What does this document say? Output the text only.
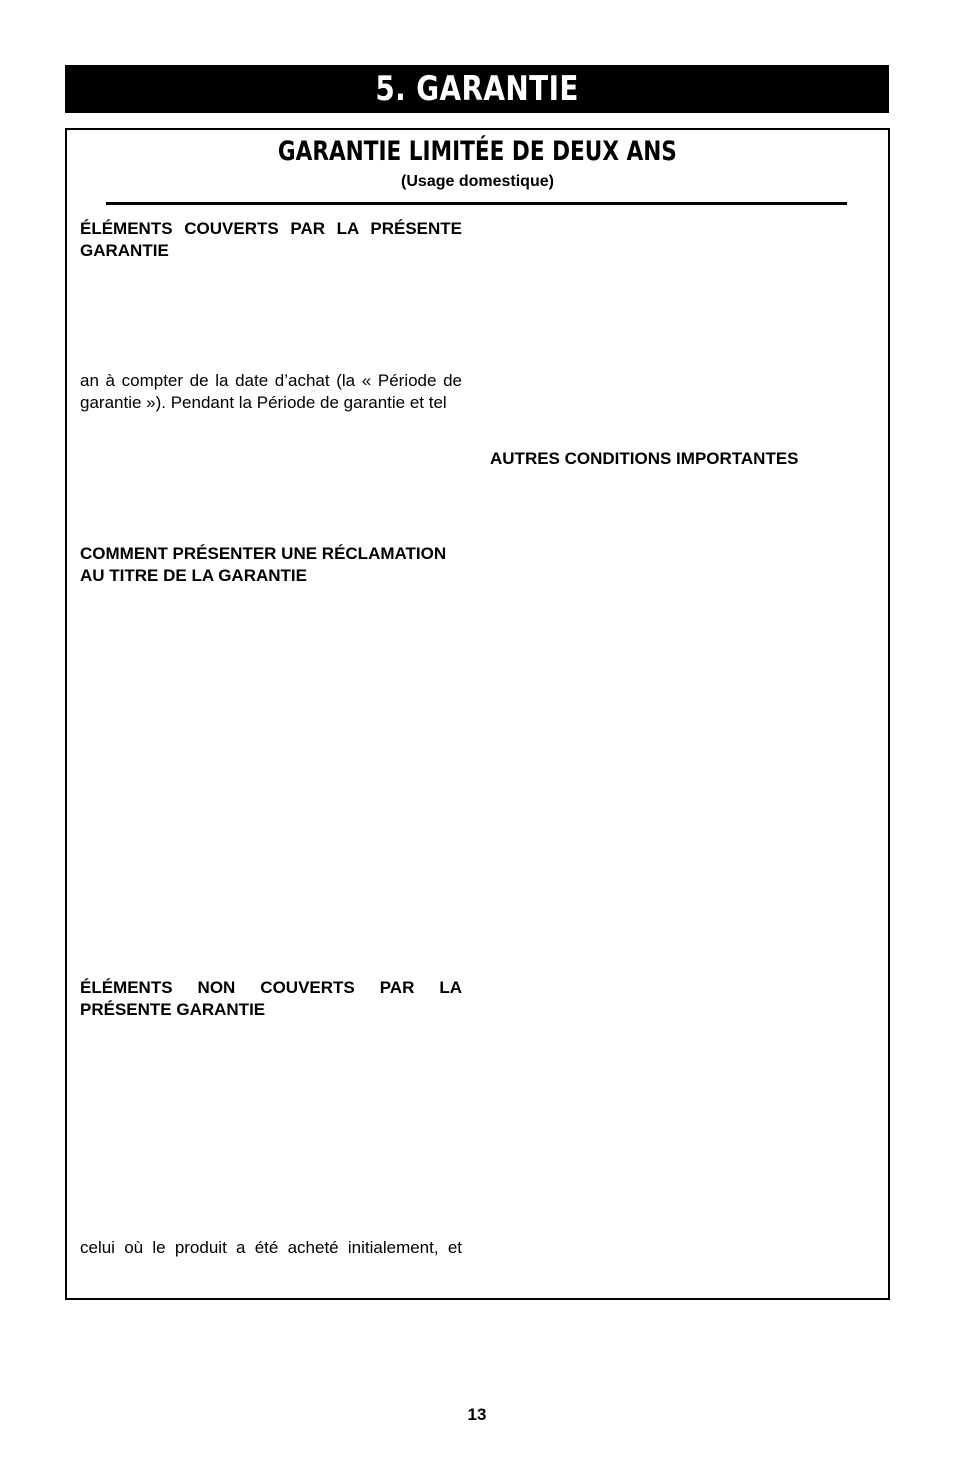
5. GARANTIE
GARANTIE LIMITÉE DE DEUX ANS
(Usage domestique)
ÉLÉMENTS COUVERTS PAR LA PRÉSENTE GARANTIE
an à compter de la date d’achat (la « Période de garantie »). Pendant la Période de garantie et tel
COMMENT PRÉSENTER UNE RÉCLAMATION AU TITRE DE LA GARANTIE
ÉLÉMENTS NON COUVERTS PAR LA PRÉSENTE GARANTIE
celui où le produit a été acheté initialement, et
AUTRES CONDITIONS IMPORTANTES
13
